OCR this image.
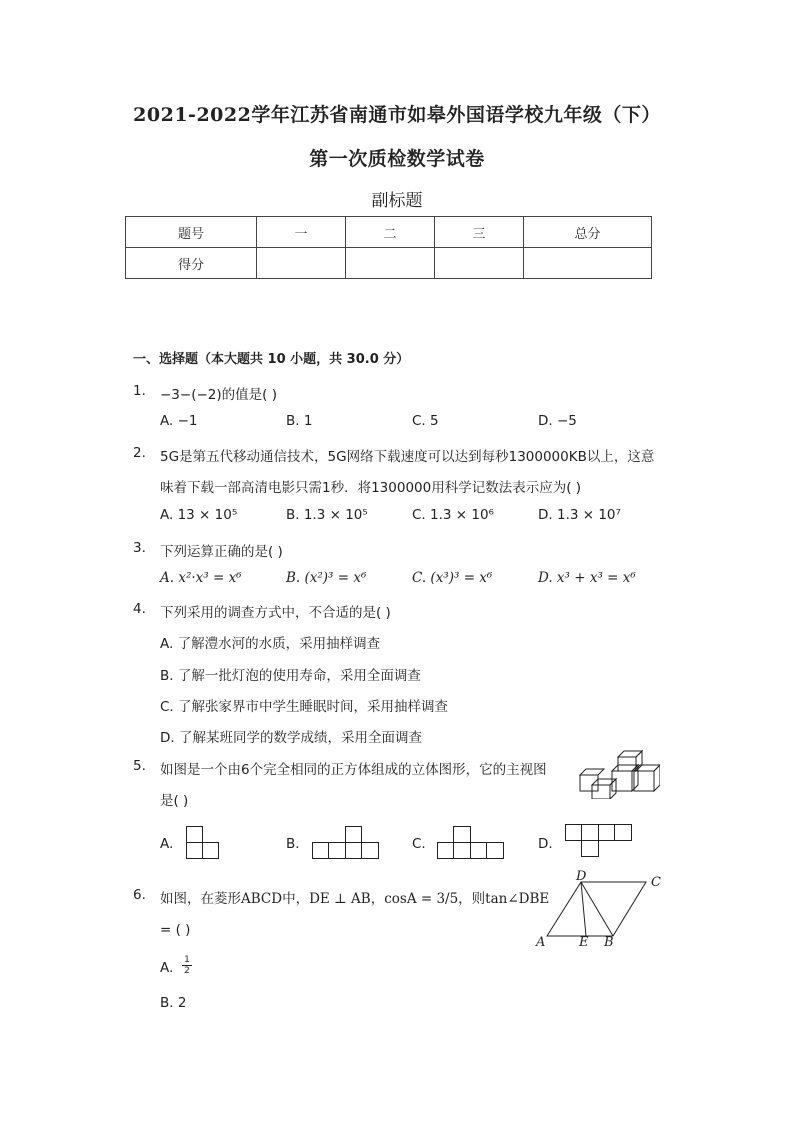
2021-2022学年江苏省南通市如皋外国语学校九年级（下）
第一次质检数学试卷
副标题
题号	一	二	三	总分
得分				
一、选择题（本大题共 10 小题，共 30.0 分）
1. −3−(−2)的值是( )
A. −1	B. 1	C. 5	D. −5
2. 5G是第五代移动通信技术，5G网络下载速度可以达到每秒1300000KB以上，这意
味着下载一部高清电影只需1秒．将1300000用科学记数法表示应为( )
A. 13 × 10⁵	B. 1.3 × 10⁵	C. 1.3 × 10⁶	D. 1.3 × 10⁷
3. 下列运算正确的是( )
A. x²·x³ = x⁶	B. (x²)³ = x⁶	C. (x³)³ = x⁶	D. x³ + x³ = x⁶
4. 下列采用的调查方式中，不合适的是( )
A. 了解澧水河的水质，采用抽样调查
B. 了解一批灯泡的使用寿命，采用全面调查
C. 了解张家界市中学生睡眠时间，采用抽样调查
D. 了解某班同学的数学成绩，采用全面调查
5. 如图是一个由6个完全相同的正方体组成的立体图形，它的主视图
是( )
A.	B.	C.	D.
6. 如图，在菱形ABCD中，DE ⊥ AB，cosA = 3/5，则tan∠DBE
= ( )
D	C
A	E B
A. $\frac{1}{2}$
B. 2
